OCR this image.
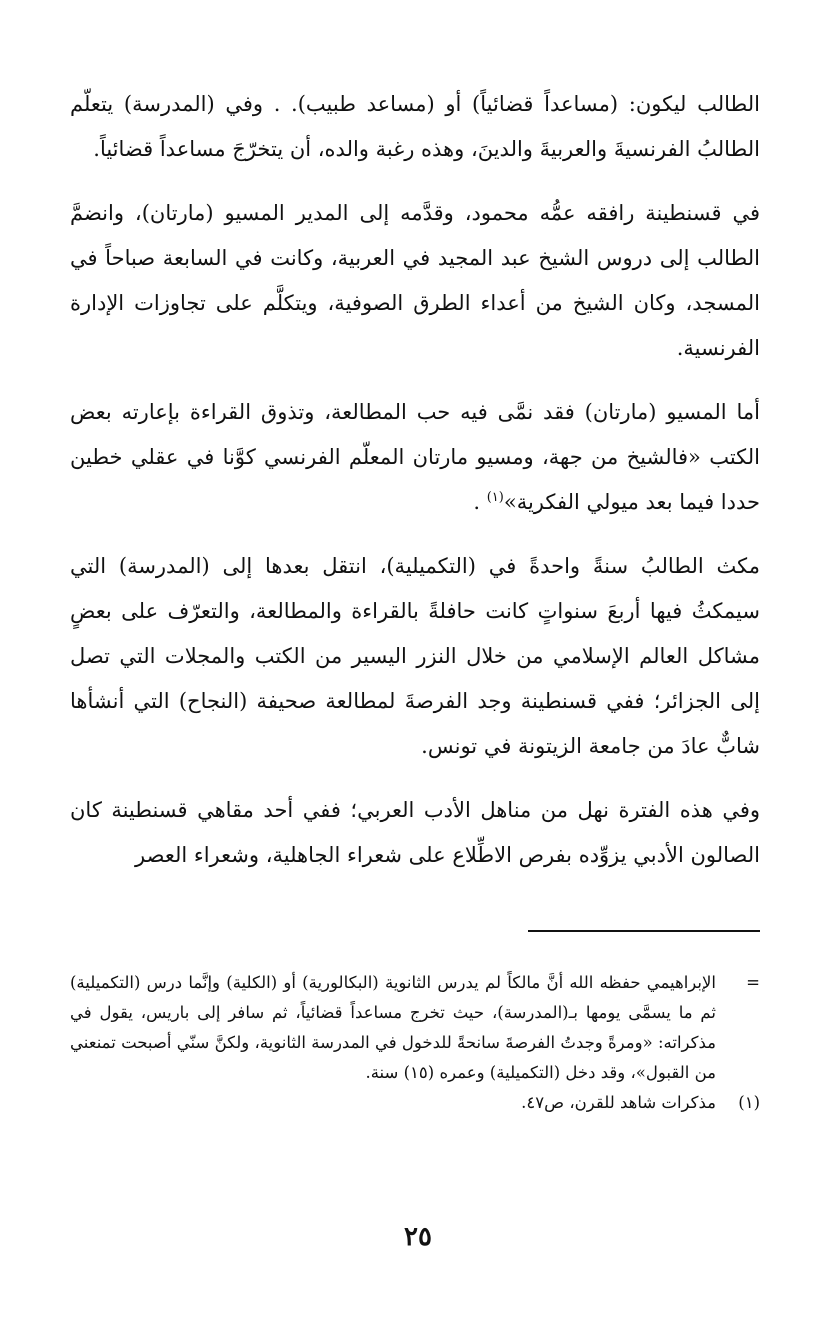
الطالب ليكون: (مساعداً قضائياً) أو (مساعد طبيب). . وفي (المدرسة) يتعلّم الطالبُ الفرنسيةَ والعربيةَ والدينَ، وهذه رغبة والده، أن يتخرّجَ مساعداً قضائياً.

في قسنطينة رافقه عمُّه محمود، وقدَّمه إلى المدير المسيو (مارتان)، وانضمَّ الطالب إلى دروس الشيخ عبد المجيد في العربية، وكانت في السابعة صباحاً في المسجد، وكان الشيخ من أعداء الطرق الصوفية، ويتكلَّم على تجاوزات الإدارة الفرنسية.

أما المسيو (مارتان) فقد نمَّى فيه حب المطالعة، وتذوق القراءة بإعارته بعض الكتب «فالشيخ من جهة، ومسيو مارتان المعلّم الفرنسي كوَّنا في عقلي خطين حددا فيما بعد ميولي الفكرية»$^{(١)}$ .

مكث الطالبُ سنةً واحدةً في (التكميلية)، انتقل بعدها إلى (المدرسة) التي سيمكثُ فيها أربعَ سنواتٍ كانت حافلةً بالقراءة والمطالعة، والتعرّف على بعضٍ مشاكل العالم الإسلامي من خلال النزر اليسير من الكتب والمجلات التي تصل إلى الجزائر؛ ففي قسنطينة وجد الفرصةَ لمطالعة صحيفة (النجاح) التي أنشأها شابٌّ عادَ من جامعة الزيتونة في تونس.

وفي هذه الفترة نهل من مناهل الأدب العربي؛ ففي أحد مقاهي قسنطينة كان الصالون الأدبي يزوِّده بفرص الاطِّلاع على شعراء الجاهلية، وشعراء العصر

=
الإبراهيمي حفظه الله أنَّ مالكاً لم يدرس الثانوية (البكالورية) أو (الكلية) وإنَّما درس (التكميلية) ثم ما يسمَّى يومها بـ(المدرسة)، حيث تخرج مساعداً قضائياً، ثم سافر إلى باريس، يقول في مذكراته: «ومرةً وجدتُ الفرصةَ سانحةً للدخول في المدرسة الثانوية، ولكنَّ سنّي أصبحت تمنعني من القبول»، وقد دخل (التكميلية) وعمره (١٥) سنة.
(١)
مذكرات شاهد للقرن، ص٤٧.
٢٥
